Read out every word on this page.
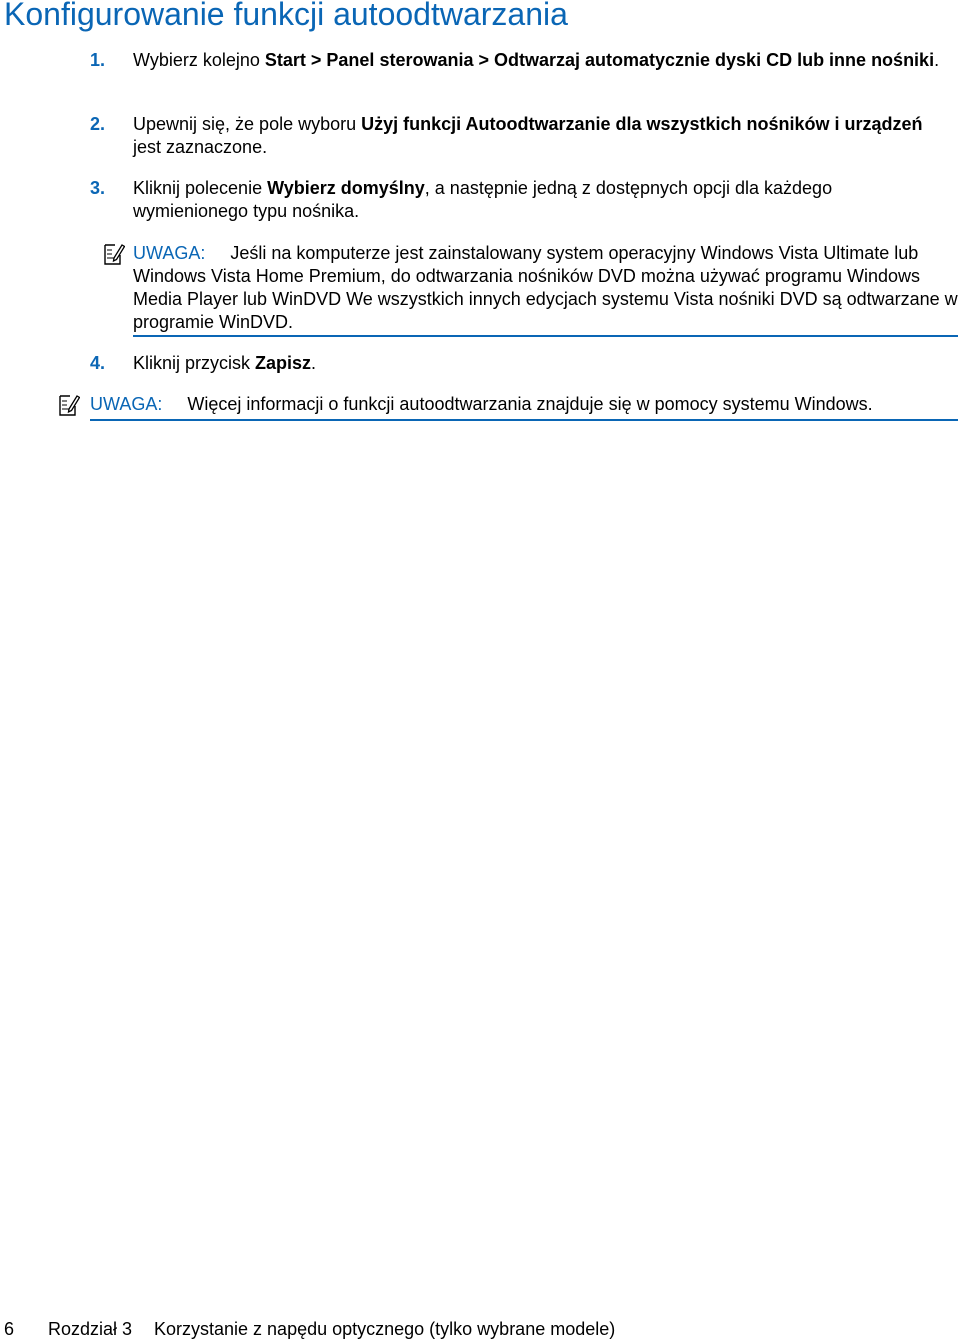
Konfigurowanie funkcji autoodtwarzania
1. Wybierz kolejno Start > Panel sterowania > Odtwarzaj automatycznie dyski CD lub inne nośniki.
2. Upewnij się, że pole wyboru Użyj funkcji Autoodtwarzanie dla wszystkich nośników i urządzeń jest zaznaczone.
3. Kliknij polecenie Wybierz domyślny, a następnie jedną z dostępnych opcji dla każdego wymienionego typu nośnika.
UWAGA: Jeśli na komputerze jest zainstalowany system operacyjny Windows Vista Ultimate lub Windows Vista Home Premium, do odtwarzania nośników DVD można używać programu Windows Media Player lub WinDVD We wszystkich innych edycjach systemu Vista nośniki DVD są odtwarzane w programie WinDVD.
4. Kliknij przycisk Zapisz.
UWAGA: Więcej informacji o funkcji autoodtwarzania znajduje się w pomocy systemu Windows.
6 Rozdział 3 Korzystanie z napędu optycznego (tylko wybrane modele)
